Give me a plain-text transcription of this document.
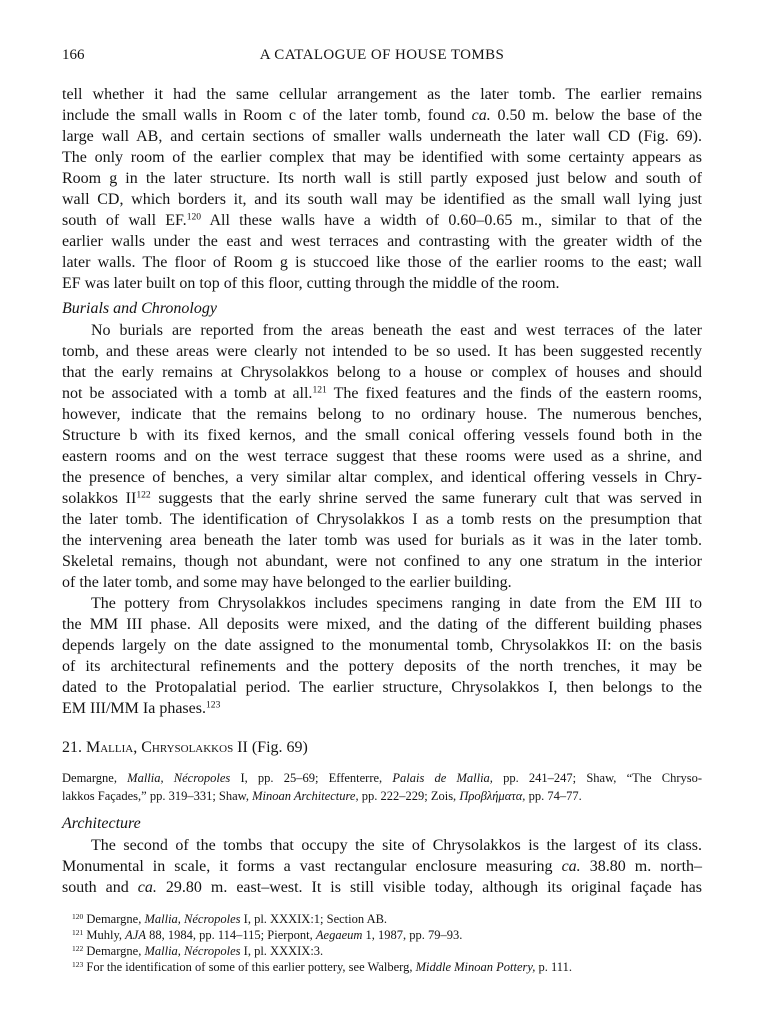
166	A CATALOGUE OF HOUSE TOMBS
tell whether it had the same cellular arrangement as the later tomb. The earlier remains
include the small walls in Room c of the later tomb, found ca. 0.50 m. below the base of the
large wall AB, and certain sections of smaller walls underneath the later wall CD (Fig. 69).
The only room of the earlier complex that may be identified with some certainty appears as
Room g in the later structure. Its north wall is still partly exposed just below and south of
wall CD, which borders it, and its south wall may be identified as the small wall lying just
south of wall EF.$^{120}$ All these walls have a width of 0.60–0.65 m., similar to that of the
earlier walls under the east and west terraces and contrasting with the greater width of the
later walls. The floor of Room g is stuccoed like those of the earlier rooms to the east; wall
EF was later built on top of this floor, cutting through the middle of the room.
Burials and Chronology
No burials are reported from the areas beneath the east and west terraces of the later
tomb, and these areas were clearly not intended to be so used. It has been suggested recently
that the early remains at Chrysolakkos belong to a house or complex of houses and should
not be associated with a tomb at all.$^{121}$ The fixed features and the finds of the eastern rooms,
however, indicate that the remains belong to no ordinary house. The numerous benches,
Structure b with its fixed kernos, and the small conical offering vessels found both in the
eastern rooms and on the west terrace suggest that these rooms were used as a shrine, and
the presence of benches, a very similar altar complex, and identical offering vessels in Chry-
solakkos II$^{122}$ suggests that the early shrine served the same funerary cult that was served in
the later tomb. The identification of Chrysolakkos I as a tomb rests on the presumption that
the intervening area beneath the later tomb was used for burials as it was in the later tomb.
Skeletal remains, though not abundant, were not confined to any one stratum in the interior
of the later tomb, and some may have belonged to the earlier building.
The pottery from Chrysolakkos includes specimens ranging in date from the EM III to
the MM III phase. All deposits were mixed, and the dating of the different building phases
depends largely on the date assigned to the monumental tomb, Chrysolakkos II: on the basis
of its architectural refinements and the pottery deposits of the north trenches, it may be
dated to the Protopalatial period. The earlier structure, Chrysolakkos I, then belongs to the
EM III/MM Ia phases.$^{123}$
21. Mallia, Chrysolakkos II (Fig. 69)
Demargne, Mallia, Nécropoles I, pp. 25–69; Effenterre, Palais de Mallia, pp. 241–247; Shaw, “The Chryso-
lakkos Façades,” pp. 319–331; Shaw, Minoan Architecture, pp. 222–229; Zois, Προβλήματα, pp. 74–77.
Architecture
The second of the tombs that occupy the site of Chrysolakkos is the largest of its class.
Monumental in scale, it forms a vast rectangular enclosure measuring ca. 38.80 m. north–
south and ca. 29.80 m. east–west. It is still visible today, although its original façade has
$^{120}$ Demargne, Mallia, Nécropoles I, pl. XXXIX:1; Section AB.
$^{121}$ Muhly, AJA 88, 1984, pp. 114–115; Pierpont, Aegaeum 1, 1987, pp. 79–93.
$^{122}$ Demargne, Mallia, Nécropoles I, pl. XXXIX:3.
$^{123}$ For the identification of some of this earlier pottery, see Walberg, Middle Minoan Pottery, p. 111.
